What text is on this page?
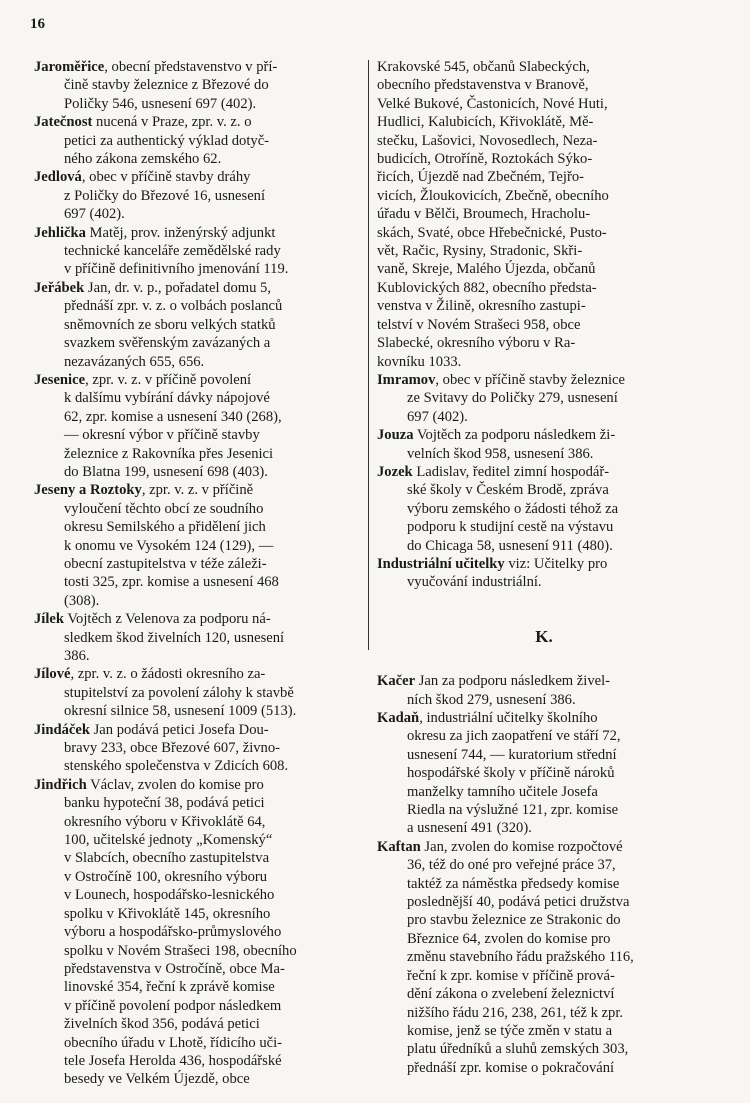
16
Jaroměřice, obecní představenstvo v pří-
čině stavby železnice z Březové do
Poličky 546, usnesení 697 (402).
Jatečnost nucená v Praze, zpr. v. z. o
petici za authentický výklad dotyč-
ného zákona zemského 62.
Jedlová, obec v příčině stavby dráhy
z Poličky do Březové 16, usnesení
697 (402).
Jehlička Matěj, prov. inženýrský adjunkt
technické kanceláře zemědělské rady
v příčině definitivního jmenování 119.
Jeřábek Jan, dr. v. p., pořadatel domu 5,
přednáší zpr. v. z. o volbách poslanců
sněmovních ze sboru velkých statků
svazkem svěřenským zavázaných a
nezavázaných 655, 656.
Jesenice, zpr. v. z. v příčině povolení
k dalšímu vybírání dávky nápojové
62, zpr. komise a usnesení 340 (268),
— okresní výbor v příčině stavby
železnice z Rakovníka přes Jesenici
do Blatna 199, usnesení 698 (403).
Jeseny a Roztoky, zpr. v. z. v příčině
vyloučení těchto obcí ze soudního
okresu Semilského a přidělení jich
k onomu ve Vysokém 124 (129), —
obecní zastupitelstva v téže záleži-
tosti 325, zpr. komise a usnesení 468
(308).
Jílek Vojtěch z Velenova za podporu ná-
sledkem škod živelních 120, usnesení
386.
Jílové, zpr. v. z. o žádosti okresního za-
stupitelství za povolení zálohy k stavbě
okresní silnice 58, usnesení 1009 (513).
Jindáček Jan podává petici Josefa Dou-
bravy 233, obce Březové 607, živno-
stenského společenstva v Zdicích 608.
Jindřich Václav, zvolen do komise pro
banku hypoteční 38, podává petici
okresního výboru v Křivoklátě 64,
100, učitelské jednoty „Komenský“
v Slabcích, obecního zastupitelstva
v Ostročíně 100, okresního výboru
v Lounech, hospodářsko-lesnického
spolku v Křivoklátě 145, okresního
výboru a hospodářsko-průmyslového
spolku v Novém Strašeci 198, obecního
představenstva v Ostročíně, obce Ma-
linovské 354, řeční k zprávě komise
v příčině povolení podpor následkem
živelních škod 356, podává petici
obecního úřadu v Lhotě, řídicího uči-
tele Josefa Herolda 436, hospodářské
besedy ve Velkém Újezdě, obce
Krakovské 545, občanů Slabeckých,
obecního představenstva v Branově,
Velké Bukové, Častonicích, Nové Huti,
Hudlici, Kalubicích, Křivoklátě, Mě-
stečku, Lašovici, Novosedlech, Neza-
budicích, Otroříně, Roztokách Sýko-
řicích, Újezdě nad Zbečném, Tejřo-
vicích, Žloukovicích, Zbečně, obecního
úřadu v Bělči, Broumech, Hracholu-
skách, Svaté, obce Hřebečnické, Pusto-
vět, Račic, Rysiny, Stradonic, Skři-
vaně, Skreje, Malého Újezda, občanů
Kublovických 882, obecního předsta-
venstva v Žilině, okresního zastupi-
telství v Novém Strašeci 958, obce
Slabecké, okresního výboru v Ra-
kovníku 1033.
Imramov, obec v příčině stavby železnice
ze Svitavy do Poličky 279, usnesení
697 (402).
Jouza Vojtěch za podporu následkem ži-
velních škod 958, usnesení 386.
Jozek Ladislav, ředitel zimní hospodář-
ské školy v Českém Brodě, zpráva
výboru zemského o žádosti téhož za
podporu k studijní cestě na výstavu
do Chicaga 58, usnesení 911 (480).
Industriální učitelky viz: Učitelky pro
vyučování industriální.
K.
Kačer Jan za podporu následkem živel-
ních škod 279, usnesení 386.
Kadaň, industriální učitelky školního
okresu za jich zaopatření ve stáří 72,
usnesení 744, — kuratorium střední
hospodářské školy v příčině nároků
manželky tamního učitele Josefa
Riedla na výslužné 121, zpr. komise
a usnesení 491 (320).
Kaftan Jan, zvolen do komise rozpočtové
36, též do oné pro veřejné práce 37,
taktéž za náměstka předsedy komise
poslednější 40, podává petici družstva
pro stavbu železnice ze Strakonic do
Březnice 64, zvolen do komise pro
změnu stavebního řádu pražského 116,
řeční k zpr. komise v příčině prová-
dění zákona o zvelebení železnictví
nižšího řádu 216, 238, 261, též k zpr.
komise, jenž se týče změn v statu a
platu úředníků a sluhů zemských 303,
přednáší zpr. komise o pokračování
